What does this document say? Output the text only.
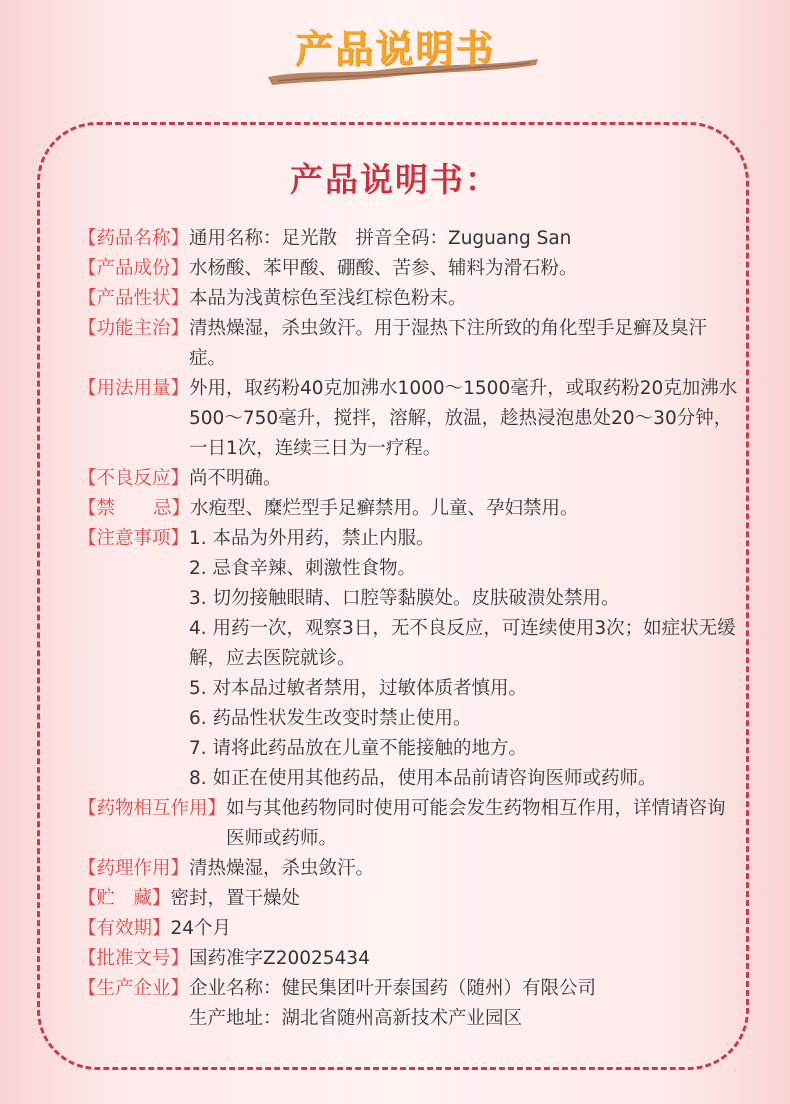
产品说明书
产品说明书：
【药品名称】 通用名称：足光散　拼音全码：Zuguang San
【产品成份】 水杨酸、苯甲酸、硼酸、苦参、辅料为滑石粉。
【产品性状】 本品为浅黄棕色至浅红棕色粉末。
【功能主治】 清热燥湿，杀虫敛汗。用于湿热下注所致的角化型手足癣及臭汗症。
【用法用量】 外用，取药粉40克加沸水1000～1500毫升，或取药粉20克加沸水500～750毫升，搅拌，溶解，放温，趁热浸泡患处20～30分钟，一日1次，连续三日为一疗程。
【不良反应】 尚不明确。
【禁 忌】 水疱型、糜烂型手足癣禁用。儿童、孕妇禁用。
【注意事项】 1. 本品为外用药，禁止内服。
2. 忌食辛辣、刺激性食物。
3. 切勿接触眼睛、口腔等黏膜处。皮肤破溃处禁用。
4. 用药一次，观察3日，无不良反应，可连续使用3次；如症状无缓解，应去医院就诊。
5. 对本品过敏者禁用，过敏体质者慎用。
6. 药品性状发生改变时禁止使用。
7. 请将此药品放在儿童不能接触的地方。
8. 如正在使用其他药品，使用本品前请咨询医师或药师。
【药物相互作用】 如与其他药物同时使用可能会发生药物相互作用，详情请咨询医师或药师。
【药理作用】 清热燥湿，杀虫敛汗。
【贮　藏】 密封，置干燥处
【有效期】 24个月
【批准文号】 国药准字Z20025434
【生产企业】 企业名称：健民集团叶开泰国药（随州）有限公司
生产地址：湖北省随州高新技术产业园区
